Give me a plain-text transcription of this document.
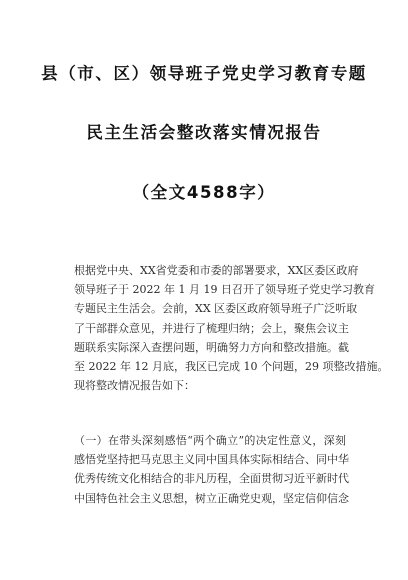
县（市、区）领导班子党史学习教育专题
民主生活会整改落实情况报告
（全文4588字）
根据党中央、XX省党委和市委的部署要求，XX区委区政府
领导班子于 2022 年 1 月 19 日召开了领导班子党史学习教育
专题民主生活会。会前，XX 区委区政府领导班子广泛听取
了干部群众意见，并进行了梳理归纳；会上，聚焦会议主
题联系实际深入查摆问题，明确努力方向和整改措施。截
至 2022 年 12 月底，我区已完成 10 个问题，29 项整改措施。
现将整改情况报告如下：
（一）在带头深刻感悟“两个确立”的决定性意义，深刻
感悟党坚持把马克思主义同中国具体实际相结合、同中华
优秀传统文化相结合的非凡历程，全面贯彻习近平新时代
中国特色社会主义思想，树立正确党史观，坚定信仰信念
